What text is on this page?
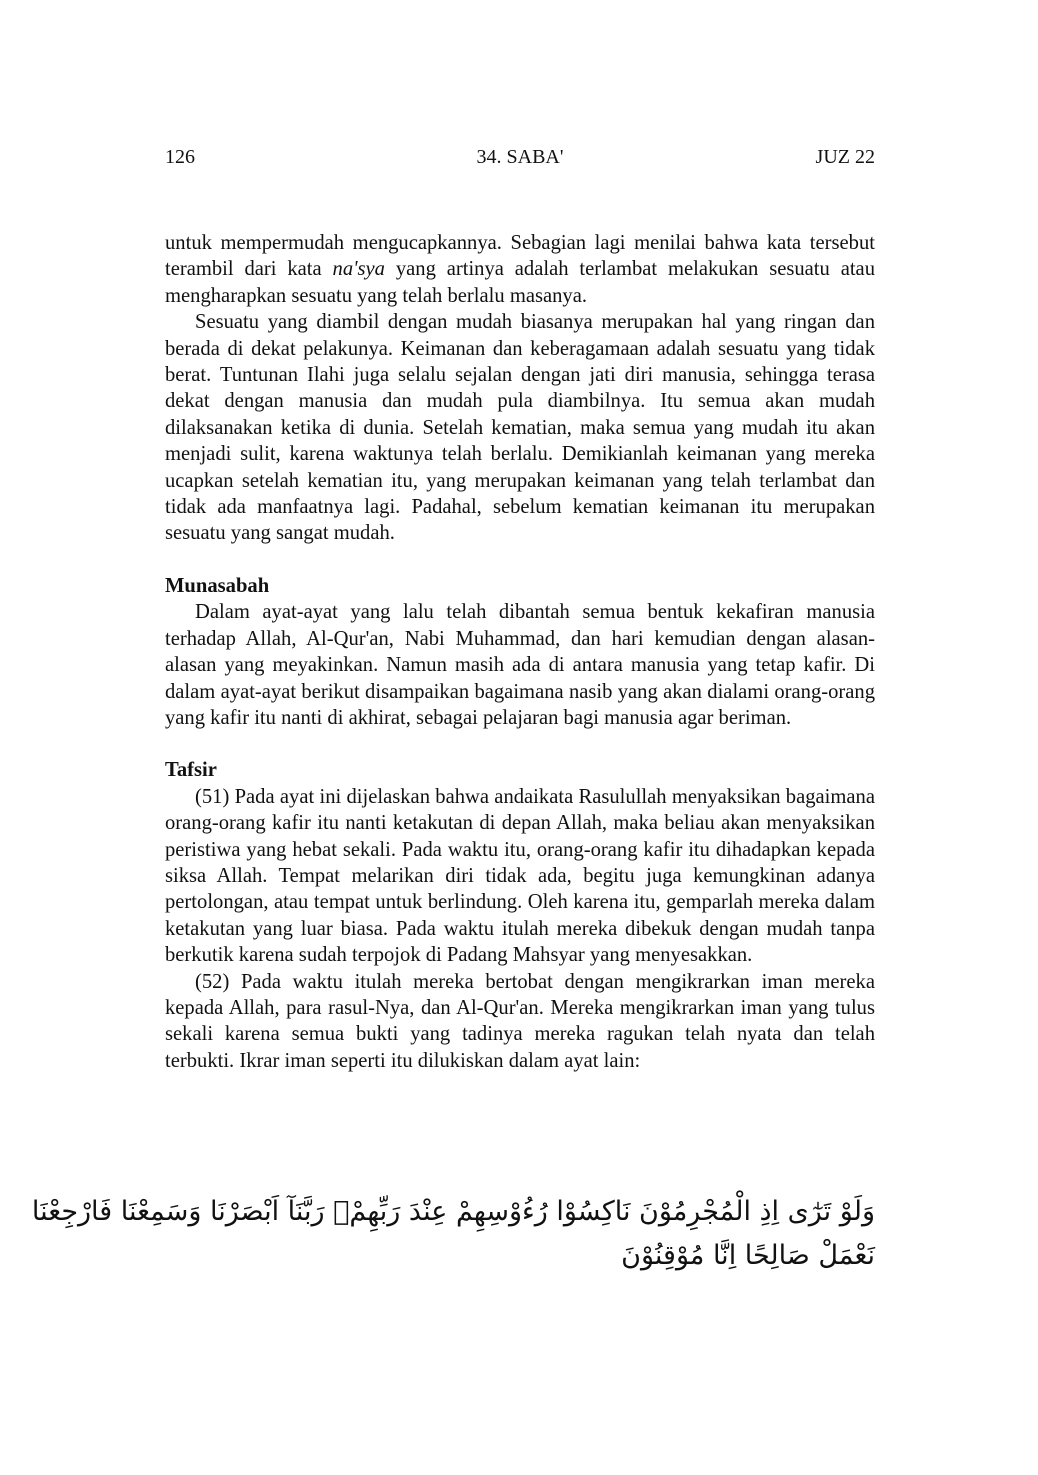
126	34. SABA'	JUZ 22

untuk mempermudah mengucapkannya. Sebagian lagi menilai bahwa kata tersebut terambil dari kata na'sya yang artinya adalah terlambat melakukan sesuatu atau mengharapkan sesuatu yang telah berlalu masanya.

Sesuatu yang diambil dengan mudah biasanya merupakan hal yang ringan dan berada di dekat pelakunya. Keimanan dan keberagamaan adalah sesuatu yang tidak berat. Tuntunan Ilahi juga selalu sejalan dengan jati diri manusia, sehingga terasa dekat dengan manusia dan mudah pula diambilnya. Itu semua akan mudah dilaksanakan ketika di dunia. Setelah kematian, maka semua yang mudah itu akan menjadi sulit, karena waktunya telah berlalu. Demikianlah keimanan yang mereka ucapkan setelah kematian itu, yang merupakan keimanan yang telah terlambat dan tidak ada manfaatnya lagi. Padahal, sebelum kematian keimanan itu merupakan sesuatu yang sangat mudah.

Munasabah

Dalam ayat-ayat yang lalu telah dibantah semua bentuk kekafiran manusia terhadap Allah, Al-Qur'an, Nabi Muhammad, dan hari kemudian dengan alasan-alasan yang meyakinkan. Namun masih ada di antara manusia yang tetap kafir. Di dalam ayat-ayat berikut disampaikan bagaimana nasib yang akan dialami orang-orang yang kafir itu nanti di akhirat, sebagai pelajaran bagi manusia agar beriman.

Tafsir

(51) Pada ayat ini dijelaskan bahwa andaikata Rasulullah menyaksikan bagaimana orang-orang kafir itu nanti ketakutan di depan Allah, maka beliau akan menyaksikan peristiwa yang hebat sekali. Pada waktu itu, orang-orang kafir itu dihadapkan kepada siksa Allah. Tempat melarikan diri tidak ada, begitu juga kemungkinan adanya pertolongan, atau tempat untuk berlindung. Oleh karena itu, gemparlah mereka dalam ketakutan yang luar biasa. Pada waktu itulah mereka dibekuk dengan mudah tanpa berkutik karena sudah terpojok di Padang Mahsyar yang menyesakkan.

(52) Pada waktu itulah mereka bertobat dengan mengikrarkan iman mereka kepada Allah, para rasul-Nya, dan Al-Qur'an. Mereka mengikrarkan iman yang tulus sekali karena semua bukti yang tadinya mereka ragukan telah nyata dan telah terbukti. Ikrar iman seperti itu dilukiskan dalam ayat lain:

وَلَوْ تَرٰٓى اِذِ الْمُجْرِمُوْنَ نَاكِسُوْا رُءُوْسِهِمْ عِنْدَ رَبِّهِمْۗ رَبَّنَآ اَبْصَرْنَا وَسَمِعْنَا فَارْجِعْنَا
نَعْمَلْ صَالِحًا اِنَّا مُوْقِنُوْنَ
